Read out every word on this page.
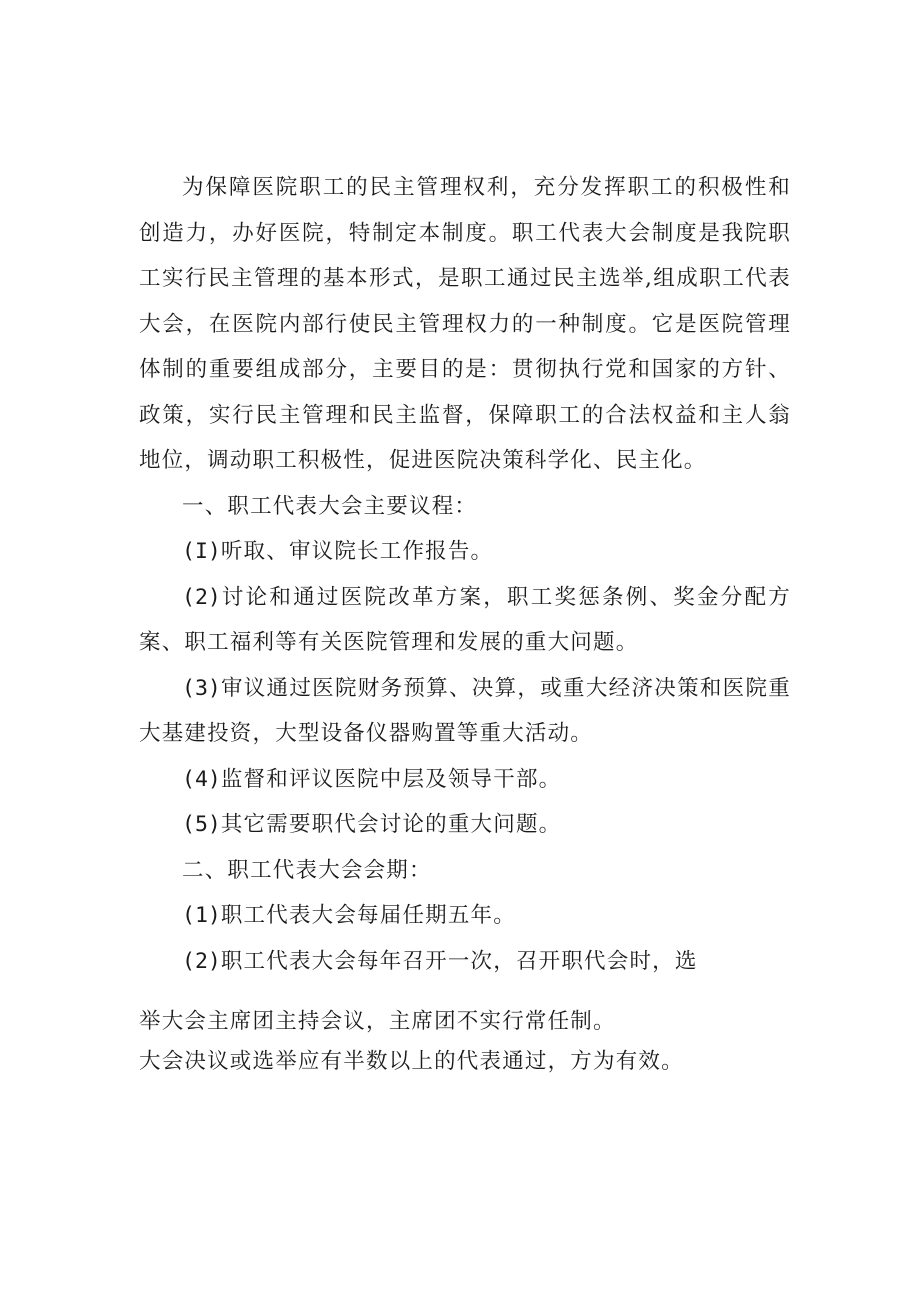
为保障医院职工的民主管理权利，充分发挥职工的积极性和创造力，办好医院，特制定本制度。职工代表大会制度是我院职工实行民主管理的基本形式，是职工通过民主选举,组成职工代表大会，在医院内部行使民主管理权力的一种制度。它是医院管理体制的重要组成部分，主要目的是：贯彻执行党和国家的方针、政策，实行民主管理和民主监督，保障职工的合法权益和主人翁地位，调动职工积极性，促进医院决策科学化、民主化。

一、职工代表大会主要议程：

(I)听取、审议院长工作报告。

(2)讨论和通过医院改革方案，职工奖惩条例、奖金分配方案、职工福利等有关医院管理和发展的重大问题。

(3)审议通过医院财务预算、决算，或重大经济决策和医院重大基建投资，大型设备仪器购置等重大活动。

(4)监督和评议医院中层及领导干部。

(5)其它需要职代会讨论的重大问题。

二、职工代表大会会期：

(1)职工代表大会每届任期五年。

(2)职工代表大会每年召开一次，召开职代会时，选

举大会主席团主持会议，主席团不实行常任制。

大会决议或选举应有半数以上的代表通过，方为有效。
